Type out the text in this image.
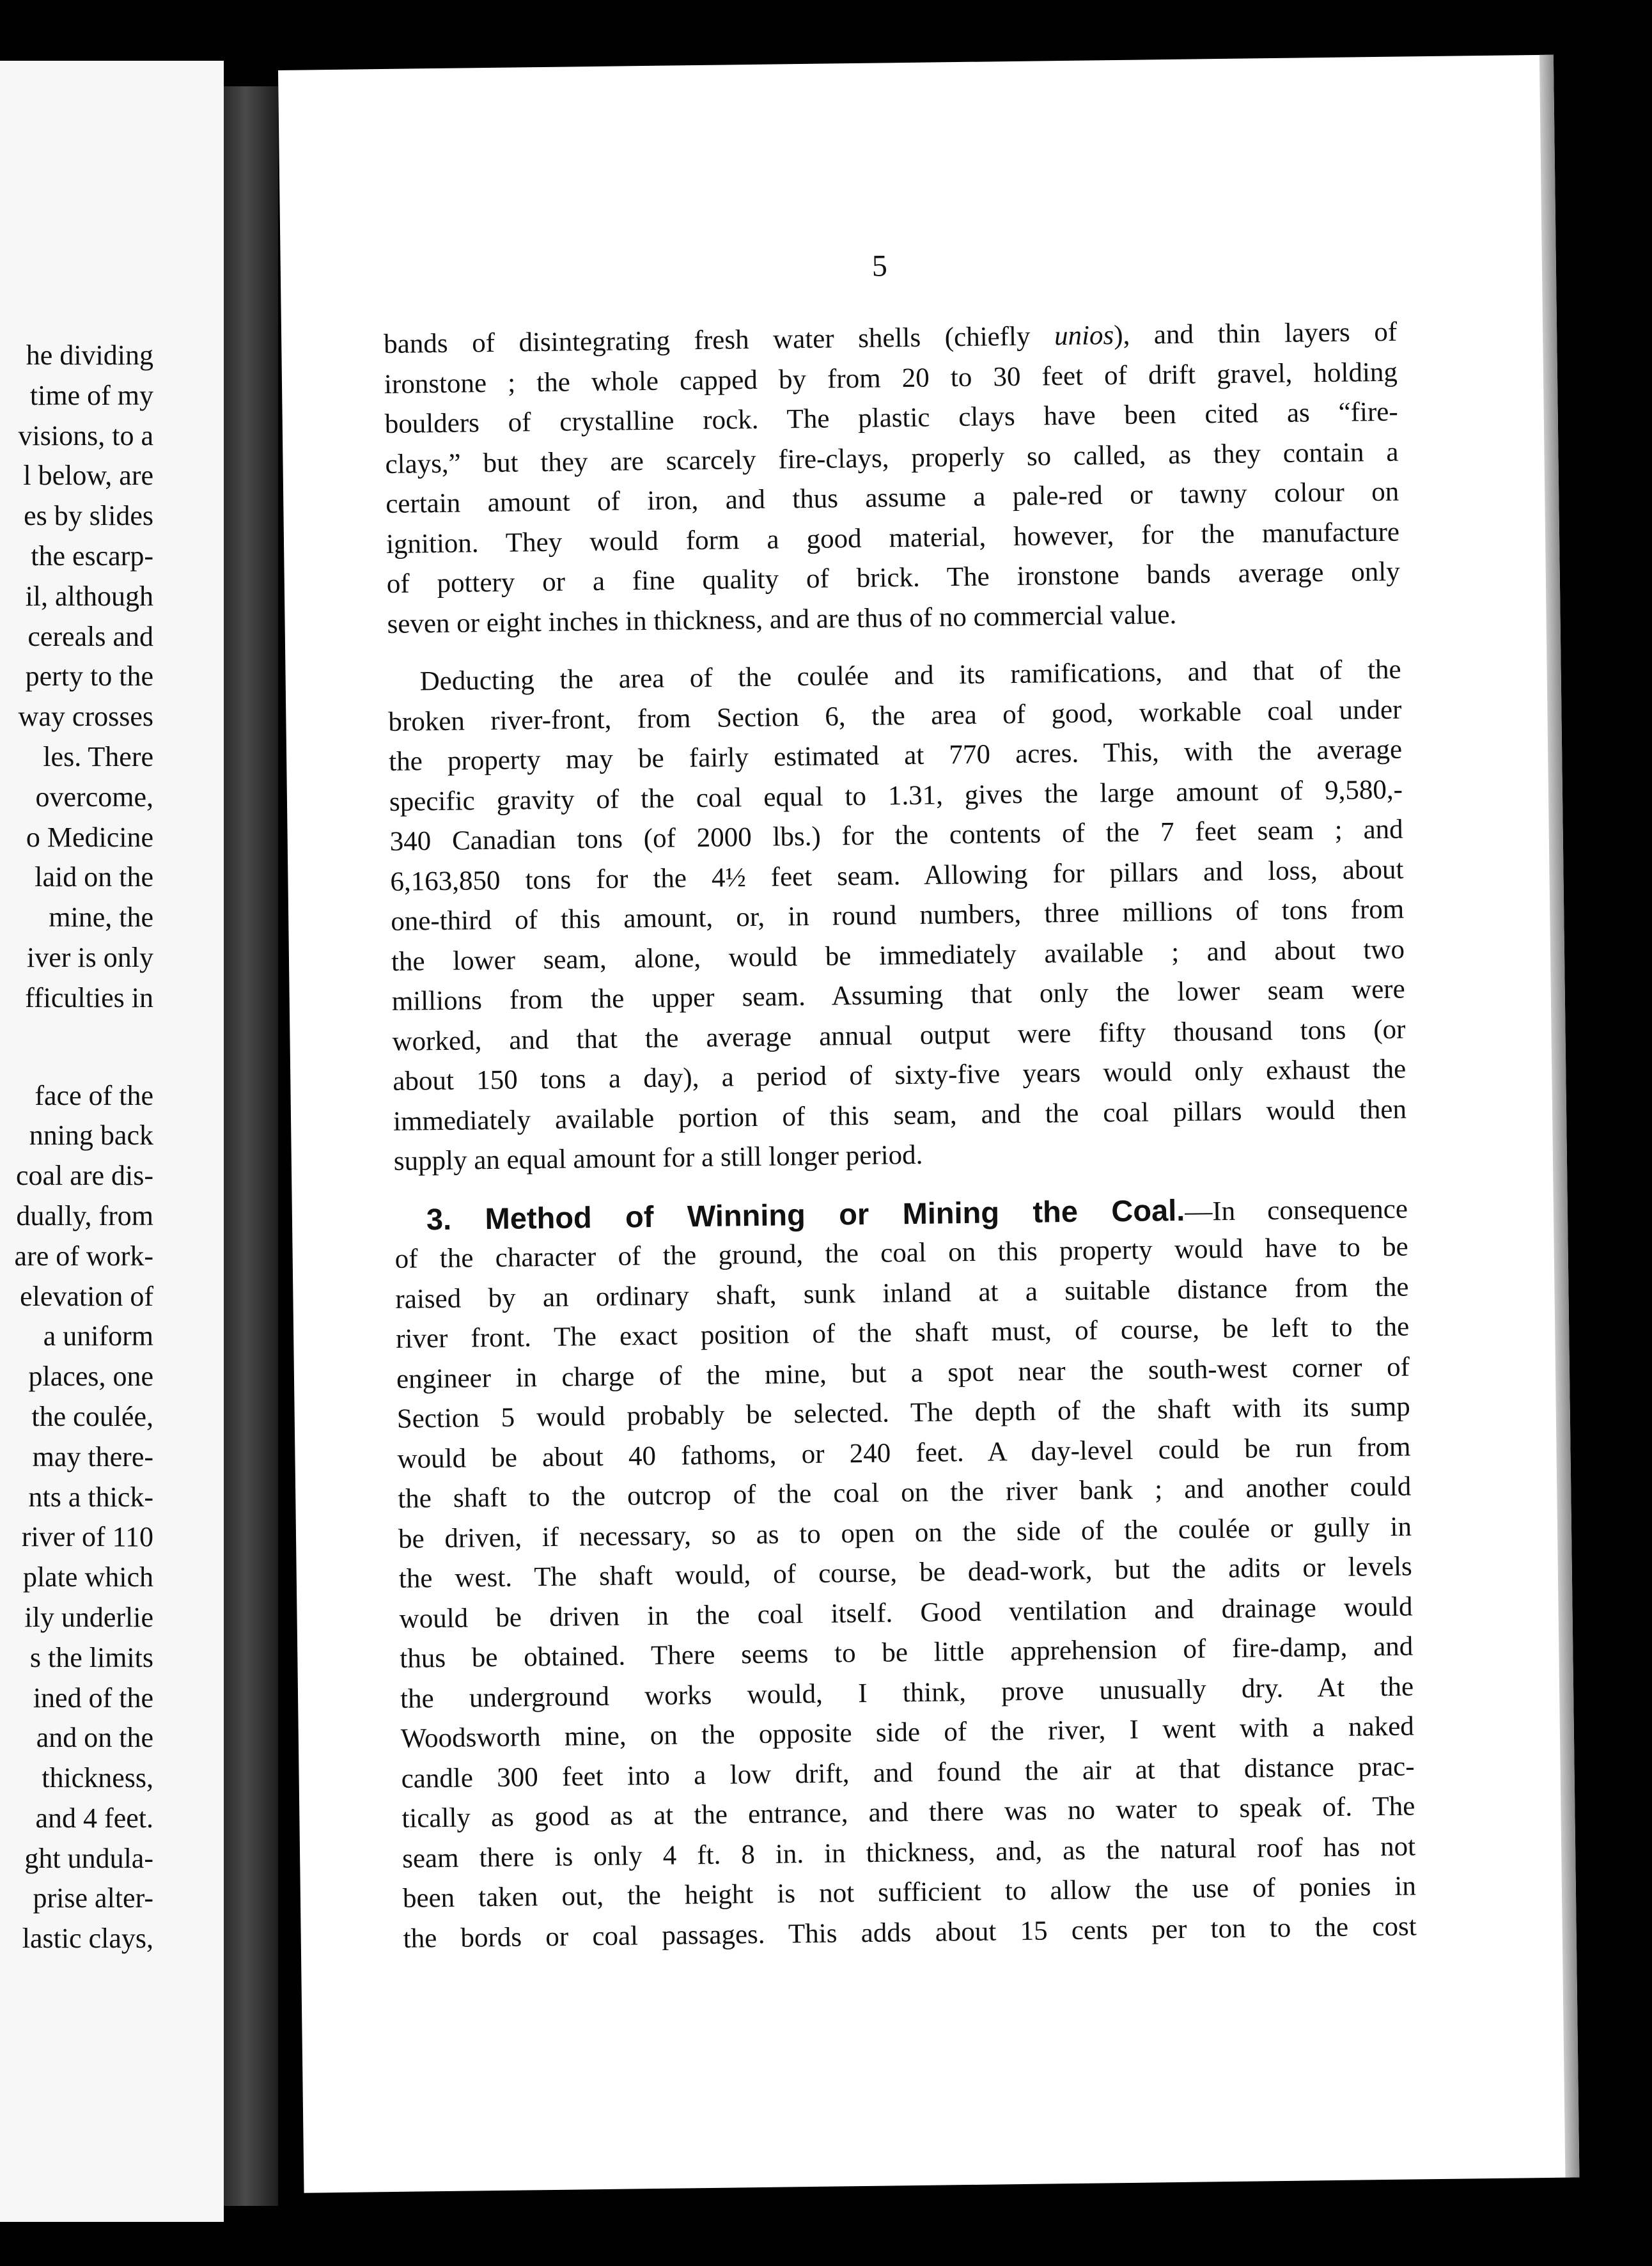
he dividing
time of my
visions, to a
l below, are
es by slides
the escarp-
il, although
cereals and
perty to the
way crosses
les. There
overcome,
o Medicine
laid on the
mine, the
iver is only
fficulties in
face of the
nning back
coal are dis-
dually, from
are of work-
elevation of
a uniform
places, one
the coulée,
may there-
nts a thick-
river of 110
plate which
ily underlie
s the limits
ined of the
and on the
thickness,
and 4 feet.
ght undula-
prise alter-
lastic clays,
5
bands of disintegrating fresh water shells (chiefly unios), and thin layers of
ironstone ; the whole capped by from 20 to 30 feet of drift gravel, holding
boulders of crystalline rock. The plastic clays have been cited as “fire-
clays,” but they are scarcely fire-clays, properly so called, as they contain a
certain amount of iron, and thus assume a pale-red or tawny colour on
ignition. They would form a good material, however, for the manufacture
of pottery or a fine quality of brick. The ironstone bands average only
seven or eight inches in thickness, and are thus of no commercial value.
Deducting the area of the coulée and its ramifications, and that of the
broken river-front, from Section 6, the area of good, workable coal under
the property may be fairly estimated at 770 acres. This, with the average
specific gravity of the coal equal to 1.31, gives the large amount of 9,580,-
340 Canadian tons (of 2000 lbs.) for the contents of the 7 feet seam ; and
6,163,850 tons for the 4½ feet seam. Allowing for pillars and loss, about
one-third of this amount, or, in round numbers, three millions of tons from
the lower seam, alone, would be immediately available ; and about two
millions from the upper seam. Assuming that only the lower seam were
worked, and that the average annual output were fifty thousand tons (or
about 150 tons a day), a period of sixty-five years would only exhaust the
immediately available portion of this seam, and the coal pillars would then
supply an equal amount for a still longer period.
3. Method of Winning or Mining the Coal.—In consequence
of the character of the ground, the coal on this property would have to be
raised by an ordinary shaft, sunk inland at a suitable distance from the
river front. The exact position of the shaft must, of course, be left to the
engineer in charge of the mine, but a spot near the south-west corner of
Section 5 would probably be selected. The depth of the shaft with its sump
would be about 40 fathoms, or 240 feet. A day-level could be run from
the shaft to the outcrop of the coal on the river bank ; and another could
be driven, if necessary, so as to open on the side of the coulée or gully in
the west. The shaft would, of course, be dead-work, but the adits or levels
would be driven in the coal itself. Good ventilation and drainage would
thus be obtained. There seems to be little apprehension of fire-damp, and
the underground works would, I think, prove unusually dry. At the
Woodsworth mine, on the opposite side of the river, I went with a naked
candle 300 feet into a low drift, and found the air at that distance prac-
tically as good as at the entrance, and there was no water to speak of. The
seam there is only 4 ft. 8 in. in thickness, and, as the natural roof has not
been taken out, the height is not sufficient to allow the use of ponies in
the bords or coal passages. This adds about 15 cents per ton to the cost
